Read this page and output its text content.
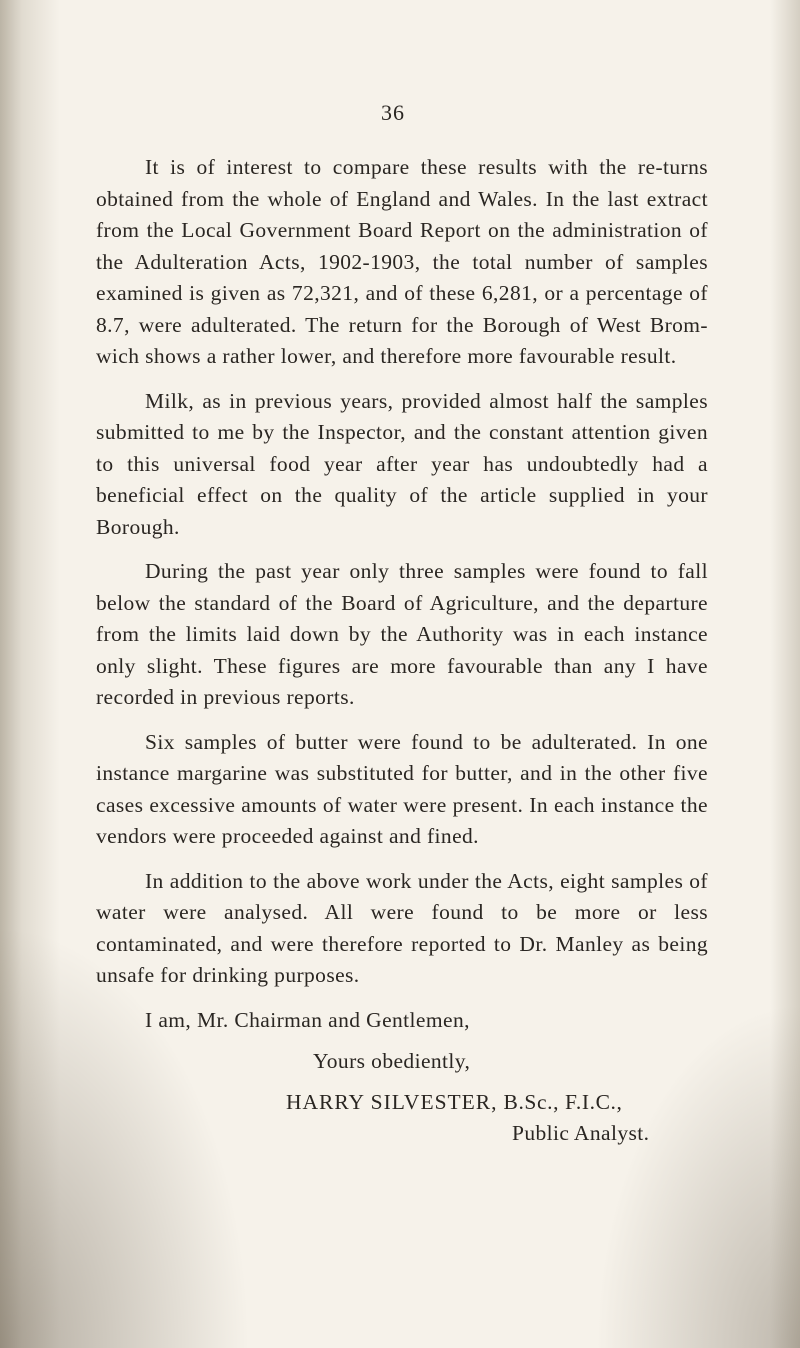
36

It is of interest to compare these results with the re-turns obtained from the whole of England and Wales. In the last extract from the Local Government Board Report on the administration of the Adulteration Acts, 1902-1903, the total number of samples examined is given as 72,321, and of these 6,281, or a percentage of 8.7, were adulterated. The return for the Borough of West Brom-wich shows a rather lower, and therefore more favourable result.

Milk, as in previous years, provided almost half the samples submitted to me by the Inspector, and the constant attention given to this universal food year after year has undoubtedly had a beneficial effect on the quality of the article supplied in your Borough.

During the past year only three samples were found to fall below the standard of the Board of Agriculture, and the departure from the limits laid down by the Authority was in each instance only slight. These figures are more favourable than any I have recorded in previous reports.

Six samples of butter were found to be adulterated. In one instance margarine was substituted for butter, and in the other five cases excessive amounts of water were present. In each instance the vendors were proceeded against and fined.

In addition to the above work under the Acts, eight samples of water were analysed. All were found to be more or less contaminated, and were therefore reported to Dr. Manley as being unsafe for drinking purposes.

I am, Mr. Chairman and Gentlemen,

Yours obediently,

HARRY SILVESTER, B.Sc., F.I.C.,
Public Analyst.
